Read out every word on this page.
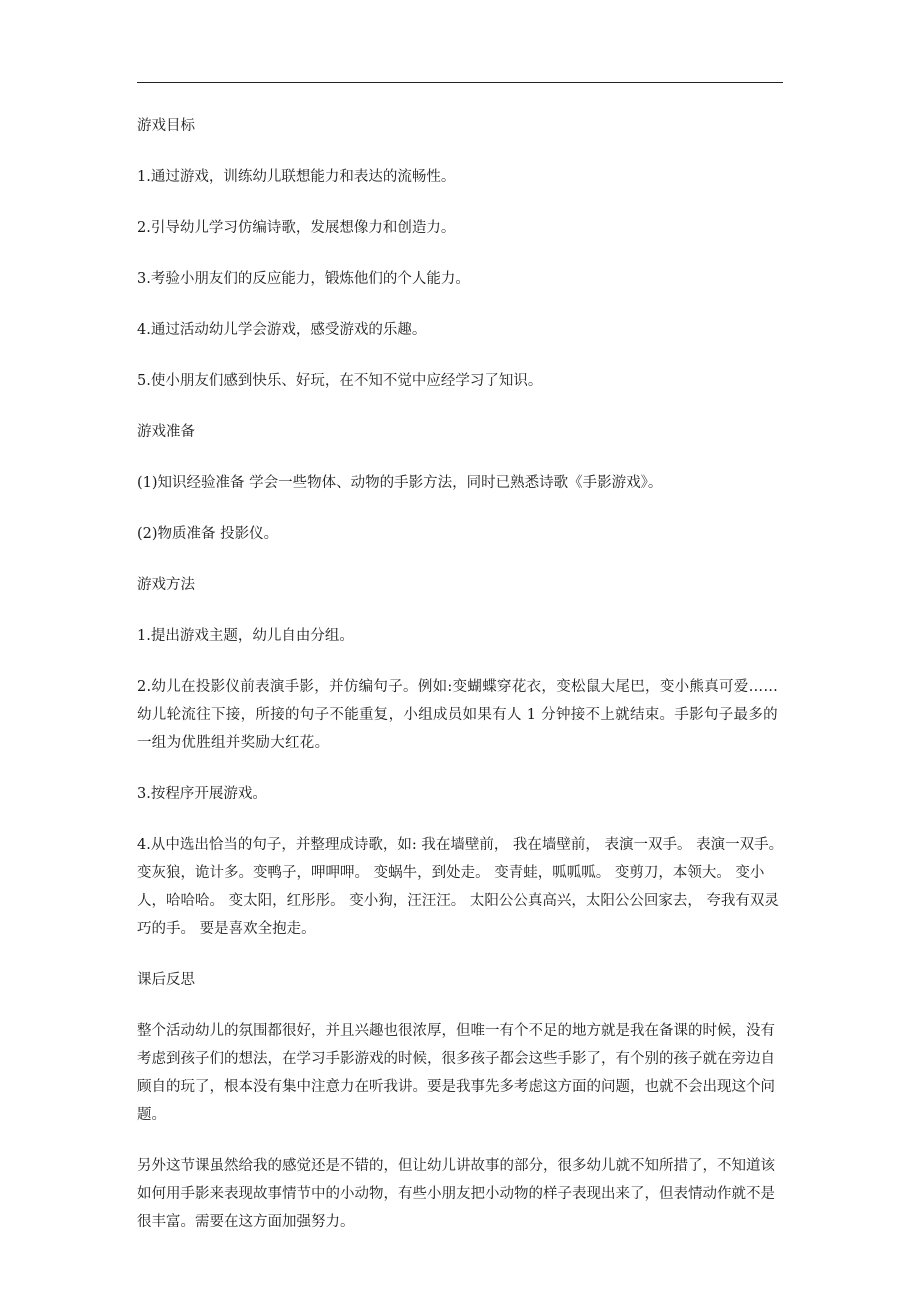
游戏目标
1.通过游戏，训练幼儿联想能力和表达的流畅性。
2.引导幼儿学习仿编诗歌，发展想像力和创造力。
3.考验小朋友们的反应能力，锻炼他们的个人能力。
4.通过活动幼儿学会游戏，感受游戏的乐趣。
5.使小朋友们感到快乐、好玩，在不知不觉中应经学习了知识。
游戏准备
(1)知识经验准备 学会一些物体、动物的手影方法，同时已熟悉诗歌《手影游戏》。
(2)物质准备 投影仪。
游戏方法
1.提出游戏主题，幼儿自由分组。
2.幼儿在投影仪前表演手影，并仿编句子。例如:变蝴蝶穿花衣，变松鼠大尾巴，变小熊真可爱……幼儿轮流往下接，所接的句子不能重复，小组成员如果有人 1 分钟接不上就结束。手影句子最多的一组为优胜组并奖励大红花。
3.按程序开展游戏。
4.从中选出恰当的句子，并整理成诗歌，如: 我在墙壁前， 我在墙壁前， 表演一双手。 表演一双手。 变灰狼，诡计多。变鸭子，呷呷呷。 变蜗牛，到处走。 变青蛙，呱呱呱。 变剪刀，本领大。 变小人，哈哈哈。 变太阳，红彤彤。 变小狗，汪汪汪。 太阳公公真高兴，太阳公公回家去， 夸我有双灵巧的手。 要是喜欢全抱走。
课后反思
整个活动幼儿的氛围都很好，并且兴趣也很浓厚，但唯一有个不足的地方就是我在备课的时候，没有考虑到孩子们的想法，在学习手影游戏的时候，很多孩子都会这些手影了，有个别的孩子就在旁边自顾自的玩了，根本没有集中注意力在听我讲。要是我事先多考虑这方面的问题，也就不会出现这个问题。
另外这节课虽然给我的感觉还是不错的，但让幼儿讲故事的部分，很多幼儿就不知所措了，不知道该如何用手影来表现故事情节中的小动物，有些小朋友把小动物的样子表现出来了，但表情动作就不是很丰富。需要在这方面加强努力。
